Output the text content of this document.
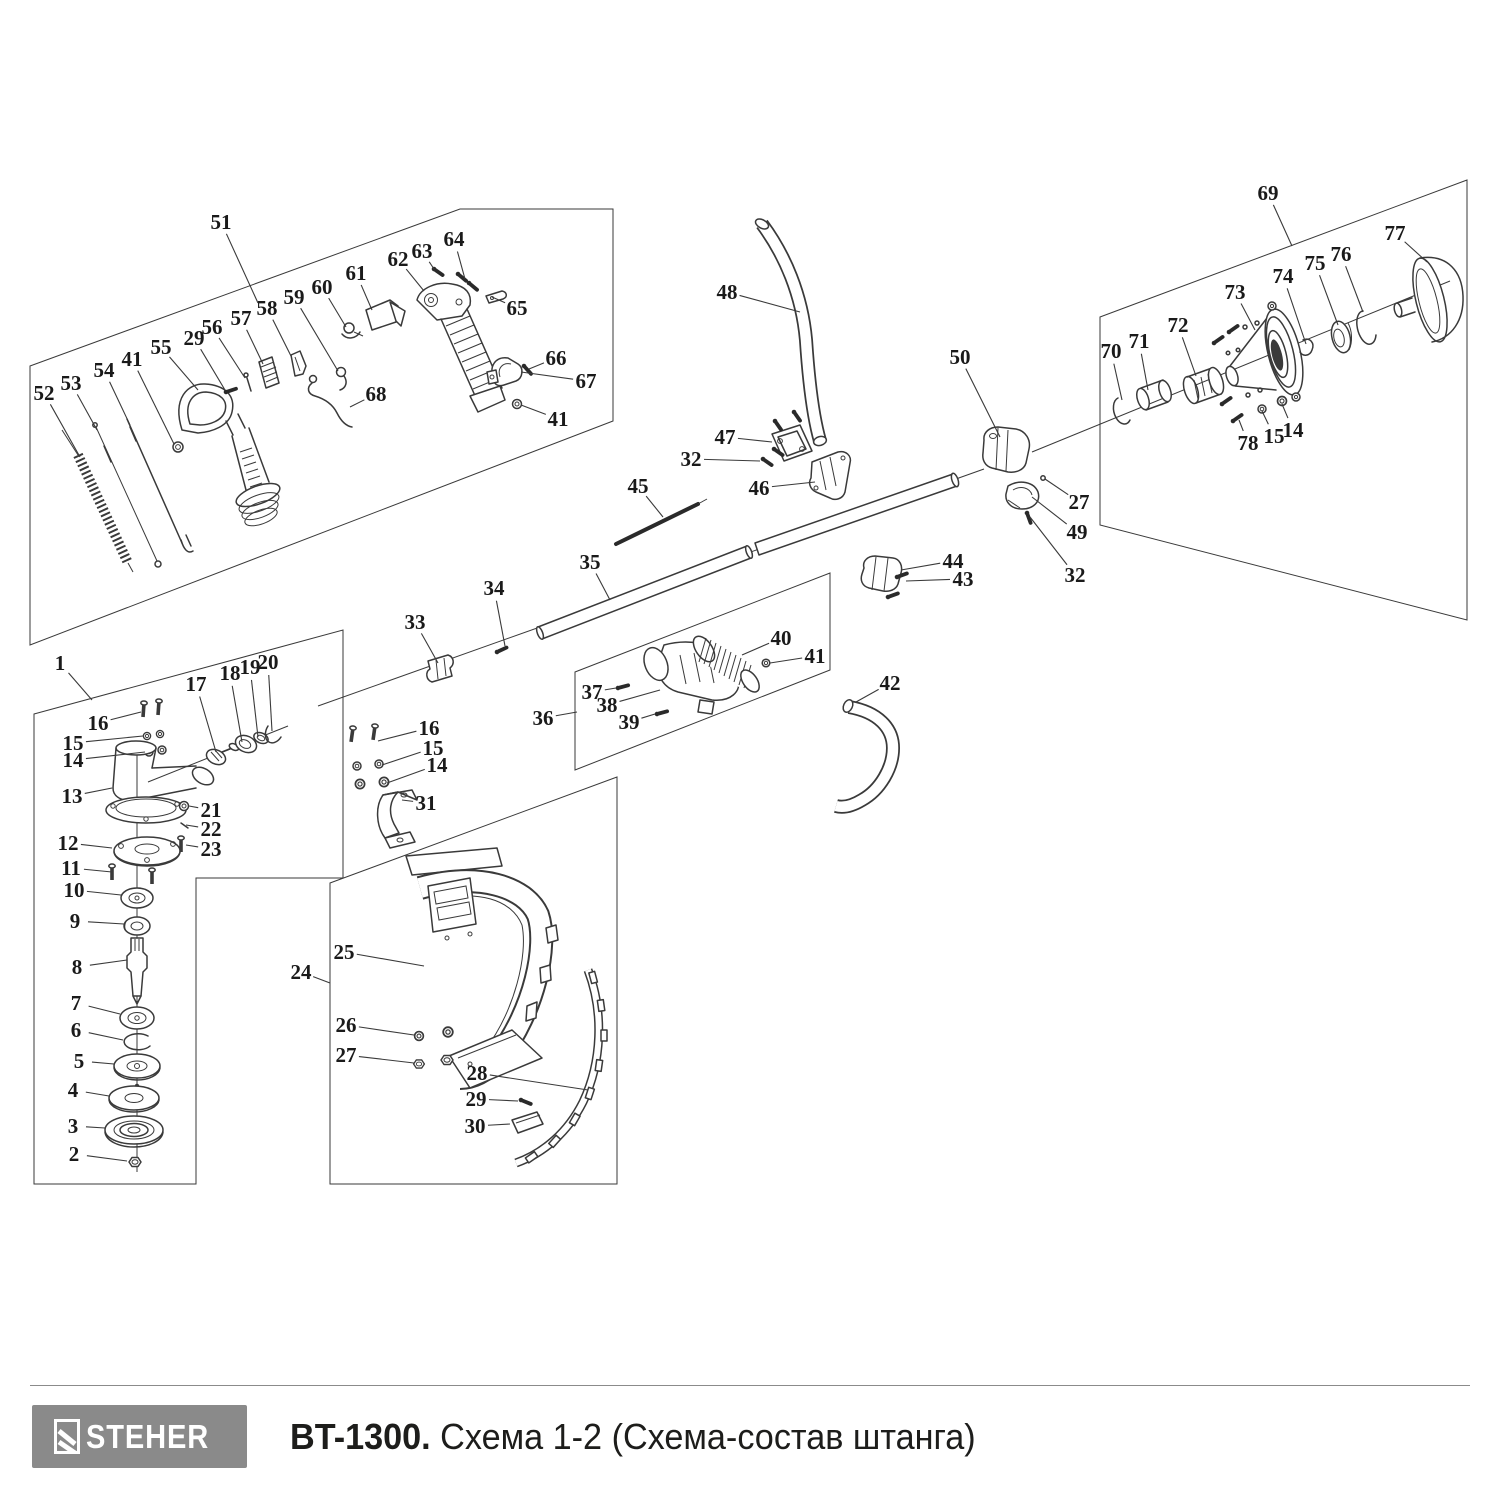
51
52 53
54 41 55 29
56 57 58 59 60
61
62 63 64
65
66
67
68
41
48
45
47
32
46
50
27
49
32
44
43
35
34
33
42
40
41
37
38
36	39
16
15
14
31
69
70 71
72
73
74
75 76
77
78 15
14
1
16
15
14
17 18 19
20
13
21
22
23
12
11
10
9
8
7
6
5
4
3
2
24
25
26
27
28
29
30
STEHER BT-1300. Схема 1-2 (Схема-состав штанга)
